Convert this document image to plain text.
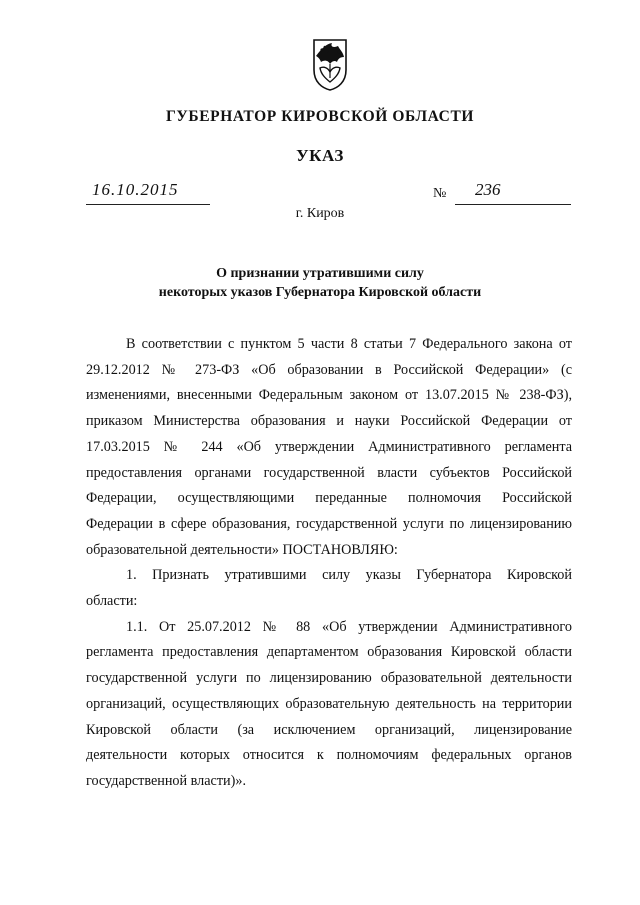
ГУБЕРНАТОР КИРОВСКОЙ ОБЛАСТИ
УКАЗ
16.10.2015	№ 236
г. Киров
О признании утратившими силу
некоторых указов Губернатора Кировской области

В соответствии с пунктом 5 части 8 статьи 7 Федерального закона от

29.12.2012 № 273-ФЗ «Об образовании в Российской Федерации» (с

изменениями, внесенными Федеральным законом от 13.07.2015 № 238-ФЗ),

приказом Министерства образования и науки Российской Федерации от

17.03.2015 № 244 «Об утверждении Административного регламента

предоставления органами государственной власти субъектов Российской

Федерации, осуществляющими переданные полномочия Российской

Федерации в сфере образования, государственной услуги по лицензированию

образовательной деятельности» ПОСТАНОВЛЯЮ:

1. Признать утратившими силу указы Губернатора Кировской

области:

1.1. От 25.07.2012 № 88 «Об утверждении Административного

регламента предоставления департаментом образования Кировской области

государственной услуги по лицензированию образовательной деятельности

организаций, осуществляющих образовательную деятельность на территории

Кировской области (за исключением организаций, лицензирование

деятельности которых относится к полномочиям федеральных органов

государственной власти)».
